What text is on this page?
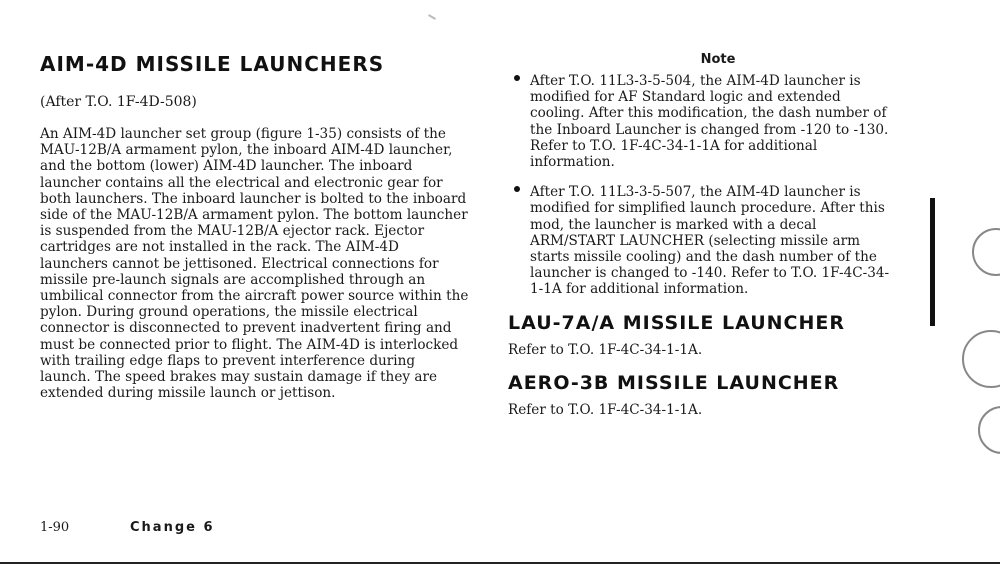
AIM-4D MISSILE LAUNCHERS
(After T.O. 1F-4D-508)

An AIM-4D launcher set group (figure 1-35) consists of the MAU-12B/A armament pylon, the inboard AIM-4D launcher, and the bottom (lower) AIM-4D launcher. The inboard launcher contains all the electrical and electronic gear for both launchers. The inboard launcher is bolted to the inboard side of the MAU-12B/A armament pylon. The bottom launcher is suspended from the MAU-12B/A ejector rack. Ejector cartridges are not installed in the rack. The AIM-4D launchers cannot be jettisoned. Electrical connections for missile pre-launch signals are accomplished through an umbilical connector from the aircraft power source within the pylon. During ground operations, the missile electrical connector is disconnected to prevent inadvertent firing and must be connected prior to flight. The AIM-4D is interlocked with trailing edge flaps to prevent interference during launch. The speed brakes may sustain damage if they are extended during missile launch or jettison.

Note
After T.O. 11L3-3-5-504, the AIM-4D launcher is modified for AF Standard logic and extended cooling. After this modification, the dash number of the Inboard Launcher is changed from -120 to -130. Refer to T.O. 1F-4C-34-1-1A for additional information.
After T.O. 11L3-3-5-507, the AIM-4D launcher is modified for simplified launch procedure. After this mod, the launcher is marked with a decal ARM/START LAUNCHER (selecting missile arm starts missile cooling) and the dash number of the launcher is changed to -140. Refer to T.O. 1F-4C-34-1-1A for additional information.
LAU-7A/A MISSILE LAUNCHER
Refer to T.O. 1F-4C-34-1-1A.
AERO-3B MISSILE LAUNCHER
Refer to T.O. 1F-4C-34-1-1A.
1-90	Change 6
